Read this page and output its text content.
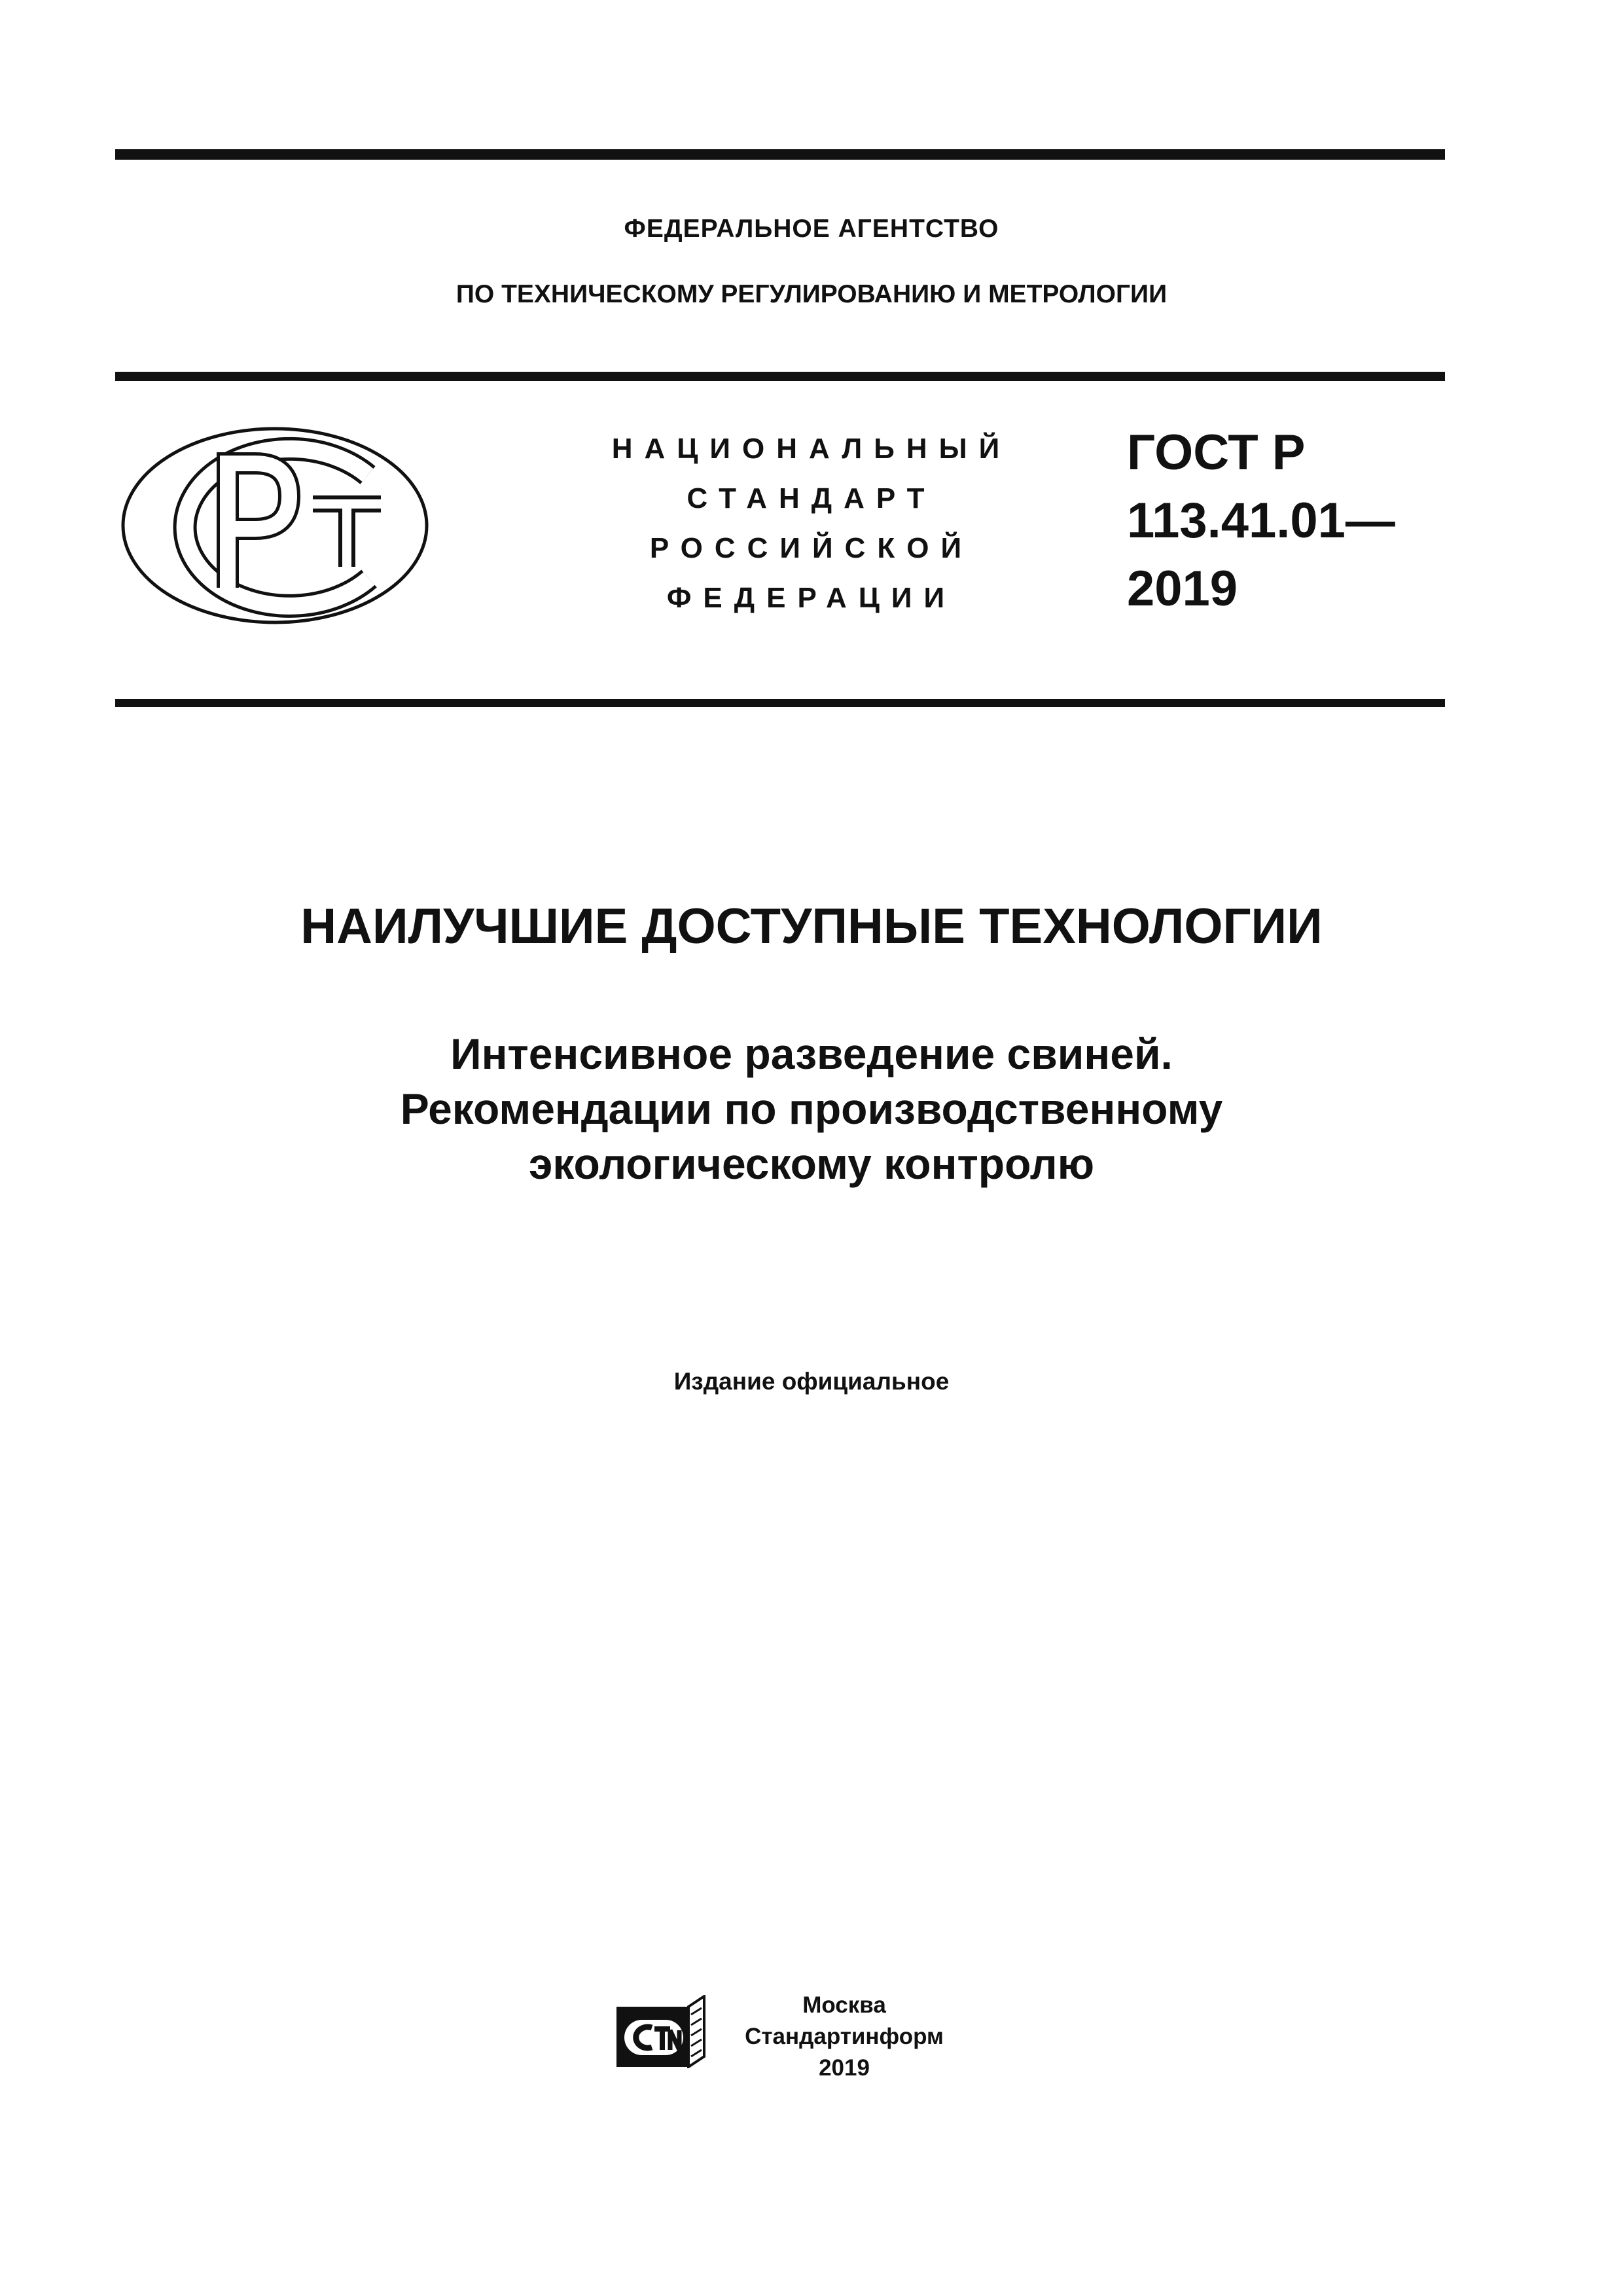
ФЕДЕРАЛЬНОЕ АГЕНТСТВО
ПО ТЕХНИЧЕСКОМУ РЕГУЛИРОВАНИЮ И МЕТРОЛОГИИ
НАЦИОНАЛЬНЫЙ
СТАНДАРТ
РОССИЙСКОЙ
ФЕДЕРАЦИИ
ГОСТ Р
113.41.01—
2019
НАИЛУЧШИЕ ДОСТУПНЫЕ ТЕХНОЛОГИИ
Интенсивное разведение свиней.
Рекомендации по производственному
экологическому контролю
Издание официальное
Москва
Стандартинформ
2019
